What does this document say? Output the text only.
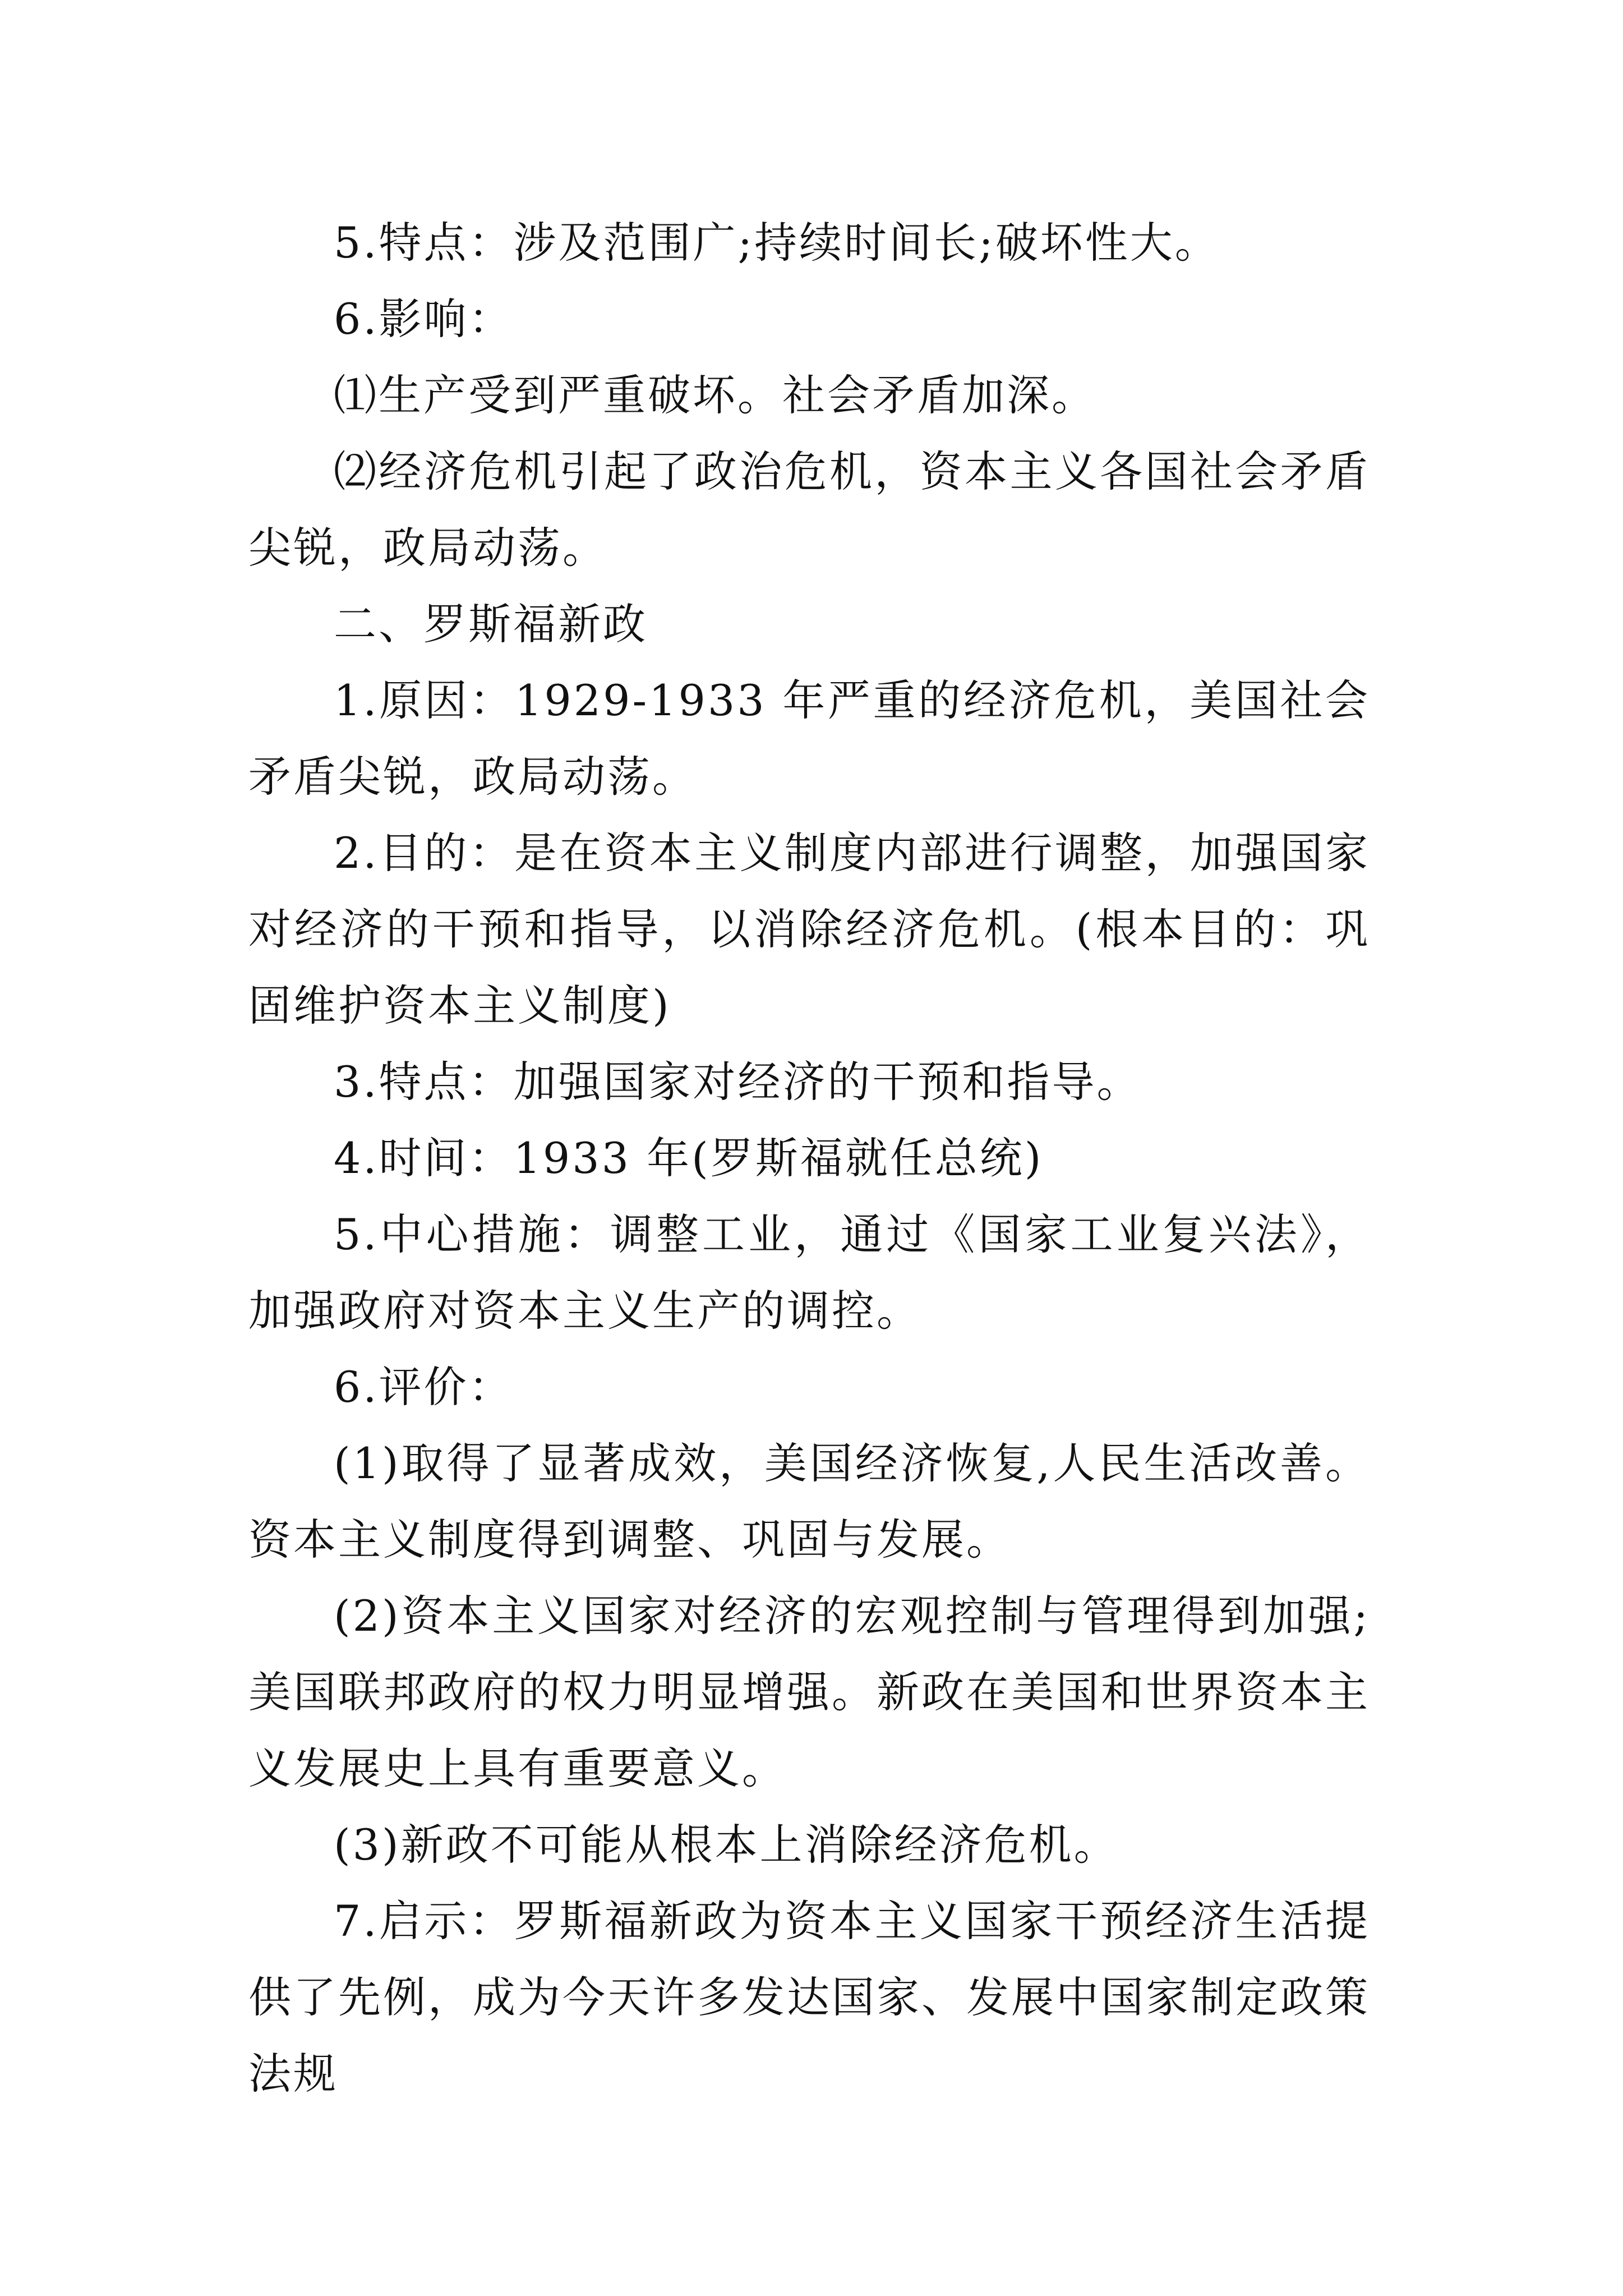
5.特点：涉及范围广;持续时间长;破坏性大。

6.影响：

⑴生产受到严重破坏。社会矛盾加深。

⑵经济危机引起了政治危机，资本主义各国社会矛盾尖锐，政局动荡。

二、罗斯福新政

1.原因：1929-1933 年严重的经济危机，美国社会矛盾尖锐，政局动荡。

2.目的：是在资本主义制度内部进行调整，加强国家对经济的干预和指导，以消除经济危机。(根本目的：巩固维护资本主义制度)

3.特点：加强国家对经济的干预和指导。

4.时间：1933 年(罗斯福就任总统)

5.中心措施：调整工业，通过《国家工业复兴法》，加强政府对资本主义生产的调控。

6.评价：

(1)取得了显著成效，美国经济恢复,人民生活改善。资本主义制度得到调整、巩固与发展。

(2)资本主义国家对经济的宏观控制与管理得到加强;美国联邦政府的权力明显增强。新政在美国和世界资本主义发展史上具有重要意义。

(3)新政不可能从根本上消除经济危机。

7.启示：罗斯福新政为资本主义国家干预经济生活提供了先例，成为今天许多发达国家、发展中国家制定政策法规
